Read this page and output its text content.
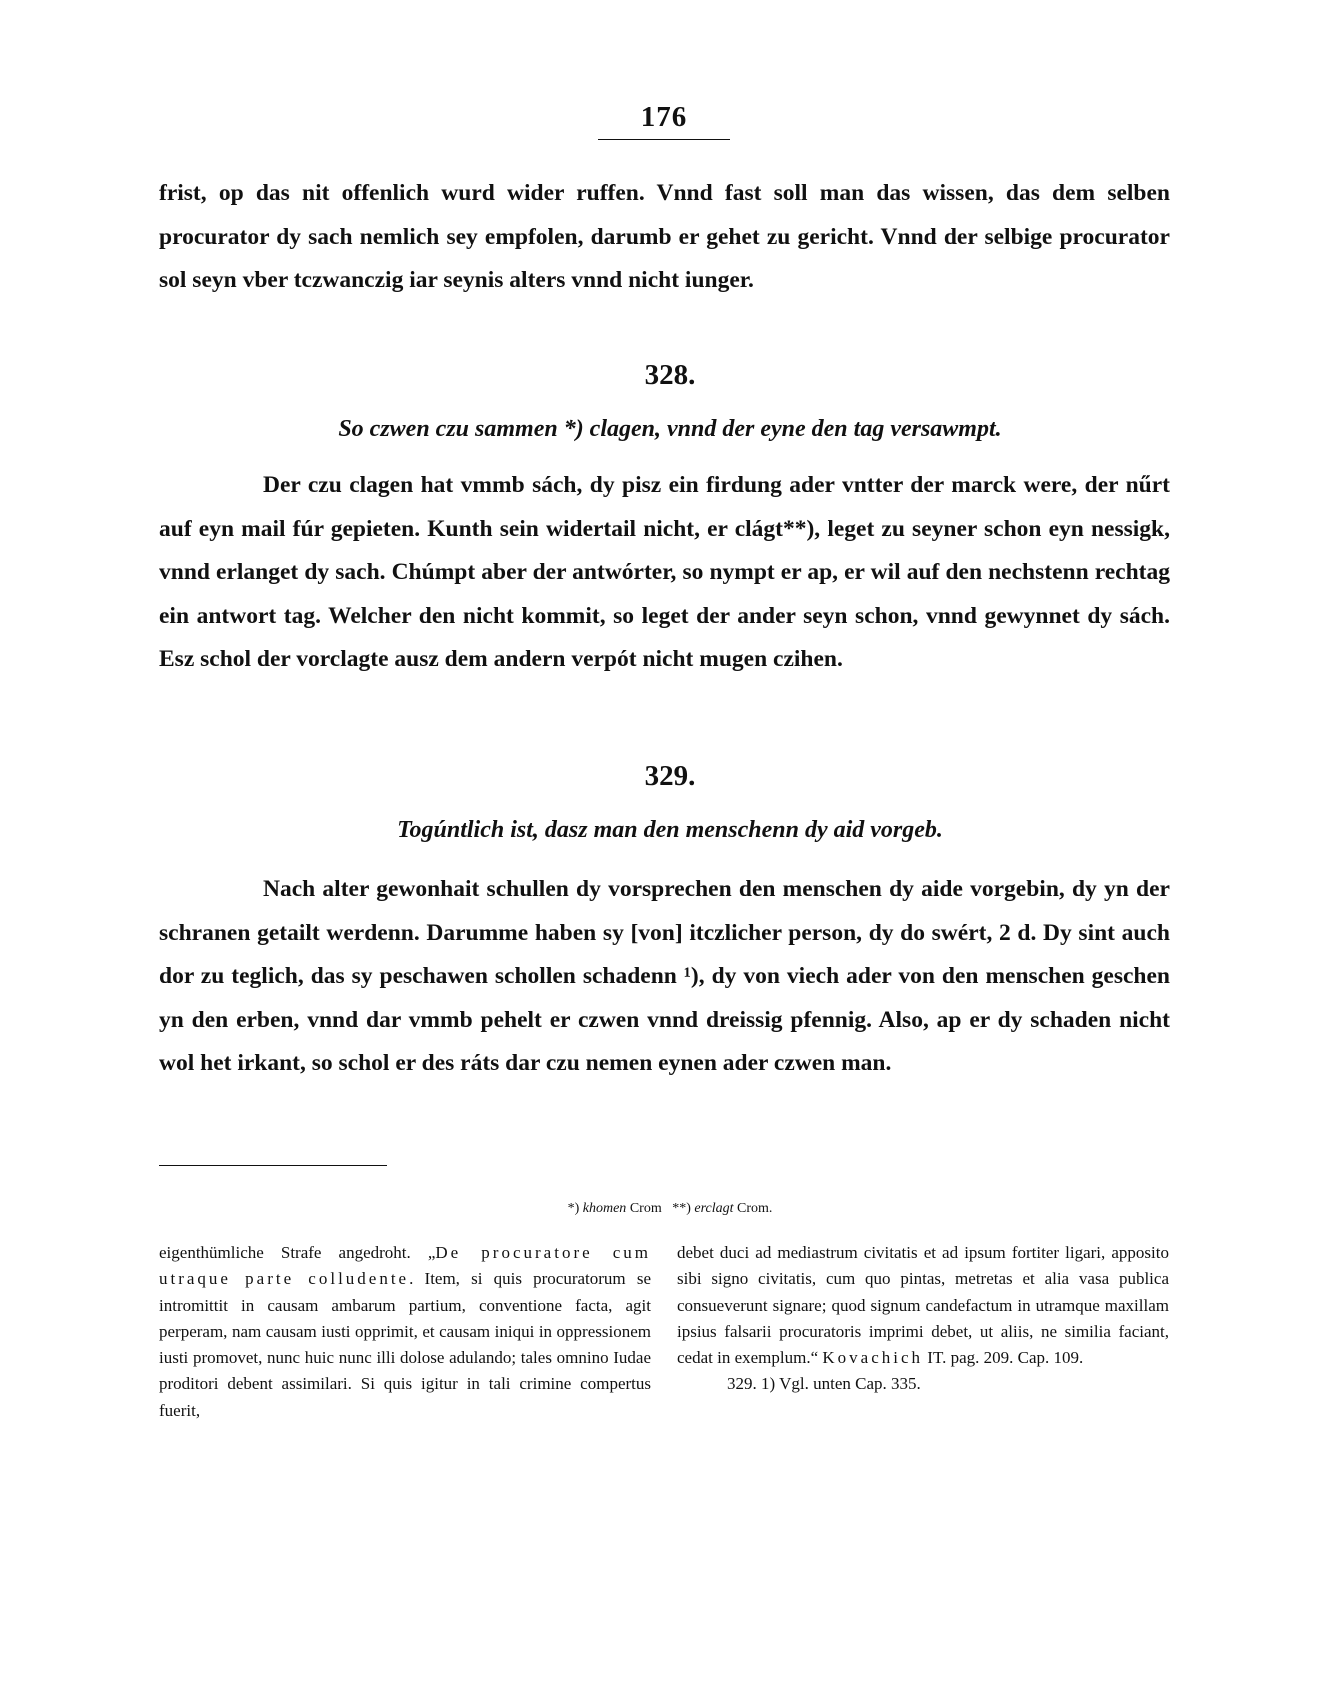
176

frist, op das nit offenlich wurd wider ruffen. Vnnd fast soll man das wissen, das dem selben procurator dy sach nemlich sey empfolen, darumb er gehet zu gericht. Vnnd der selbige procurator sol seyn vber tczwanczig iar seynis alters vnnd nicht iunger.

328.
So czwen czu sammen *) clagen, vnnd der eyne den tag versawmpt.

Der czu clagen hat vmmb sách, dy pisz ein firdung ader vntter der marck were, der nűrt auf eyn mail fúr gepieten. Kunth sein widertail nicht, er clágt**), leget zu seyner schon eyn nessigk, vnnd erlanget dy sach. Chúmpt aber der antwórter, so nympt er ap, er wil auf den nechstenn rechtag ein antwort tag. Welcher den nicht kommit, so leget der ander seyn schon, vnnd gewynnet dy sách. Esz schol der vorclagte ausz dem andern verpót nicht mugen czihen.

329.
Togúntlich ist, dasz man den menschenn dy aid vorgeb.

Nach alter gewonhait schullen dy vorsprechen den menschen dy aide vorgebin, dy yn der schranen getailt werdenn. Darumme haben sy [von] itczlicher person, dy do swért, 2 d. Dy sint auch dor zu teglich, das sy peschawen schollen schadenn ¹), dy von viech ader von den menschen geschen yn den erben, vnnd dar vmmb pehelt er czwen vnnd dreissig pfennig. Also, ap er dy schaden nicht wol het irkant, so schol er des ráts dar czu nemen eynen ader czwen man.

*) khomen Crom **) erclagt Crom.

eigenthümliche Strafe angedroht. „De procuratore cum utraque parte colludente. Item, si quis procuratorum se intromittit in causam ambarum partium, conventione facta, agit perperam, nam causam iusti opprimit, et causam iniqui in oppressionem iusti promovet, nunc huic nunc illi dolose adulando; tales omnino Iudae proditori debent assimilari. Si quis igitur in tali crimine compertus fuerit,

debet duci ad mediastrum civitatis et ad ipsum fortiter ligari, apposito sibi signo civitatis, cum quo pintas, metretas et alia vasa publica consueverunt signare; quod signum candefactum in utramque maxillam ipsius falsarii procuratoris imprimi debet, ut aliis, ne similia faciant, cedat in exemplum.“ Kovachich IT. pag. 209. Cap. 109.
329. 1) Vgl. unten Cap. 335.
